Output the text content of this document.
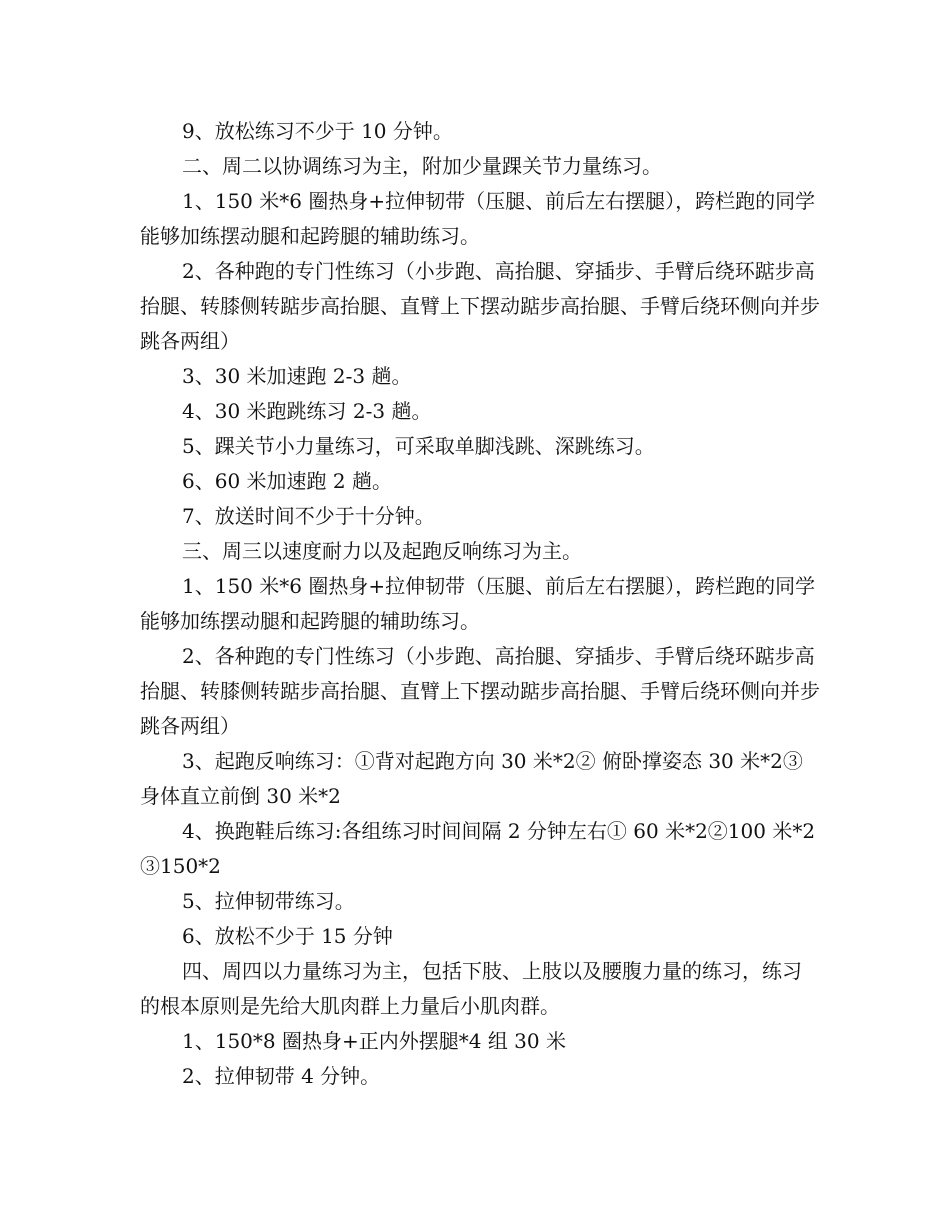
9、放松练习不少于 10 分钟。

二、周二以协调练习为主，附加少量踝关节力量练习。

1、150 米*6 圈热身+拉伸韧带（压腿、前后左右摆腿），跨栏跑的同学能够加练摆动腿和起跨腿的辅助练习。

2、各种跑的专门性练习（小步跑、高抬腿、穿插步、手臂后绕环踮步高抬腿、转膝侧转踮步高抬腿、直臂上下摆动踮步高抬腿、手臂后绕环侧向并步跳各两组）

3、30 米加速跑 2-3 趟。

4、30 米跑跳练习 2-3 趟。

5、踝关节小力量练习，可采取单脚浅跳、深跳练习。

6、60 米加速跑 2 趟。

7、放送时间不少于十分钟。

三、周三以速度耐力以及起跑反响练习为主。

1、150 米*6 圈热身+拉伸韧带（压腿、前后左右摆腿），跨栏跑的同学能够加练摆动腿和起跨腿的辅助练习。

2、各种跑的专门性练习（小步跑、高抬腿、穿插步、手臂后绕环踮步高抬腿、转膝侧转踮步高抬腿、直臂上下摆动踮步高抬腿、手臂后绕环侧向并步跳各两组）

3、起跑反响练习：①背对起跑方向 30 米*2② 俯卧撑姿态 30 米*2③ 身体直立前倒 30 米*2

4、换跑鞋后练习:各组练习时间间隔 2 分钟左右① 60 米*2②100 米*2③150*2

5、拉伸韧带练习。

6、放松不少于 15 分钟

四、周四以力量练习为主，包括下肢、上肢以及腰腹力量的练习，练习的根本原则是先给大肌肉群上力量后小肌肉群。

1、150*8 圈热身+正内外摆腿*4 组 30 米

2、拉伸韧带 4 分钟。
